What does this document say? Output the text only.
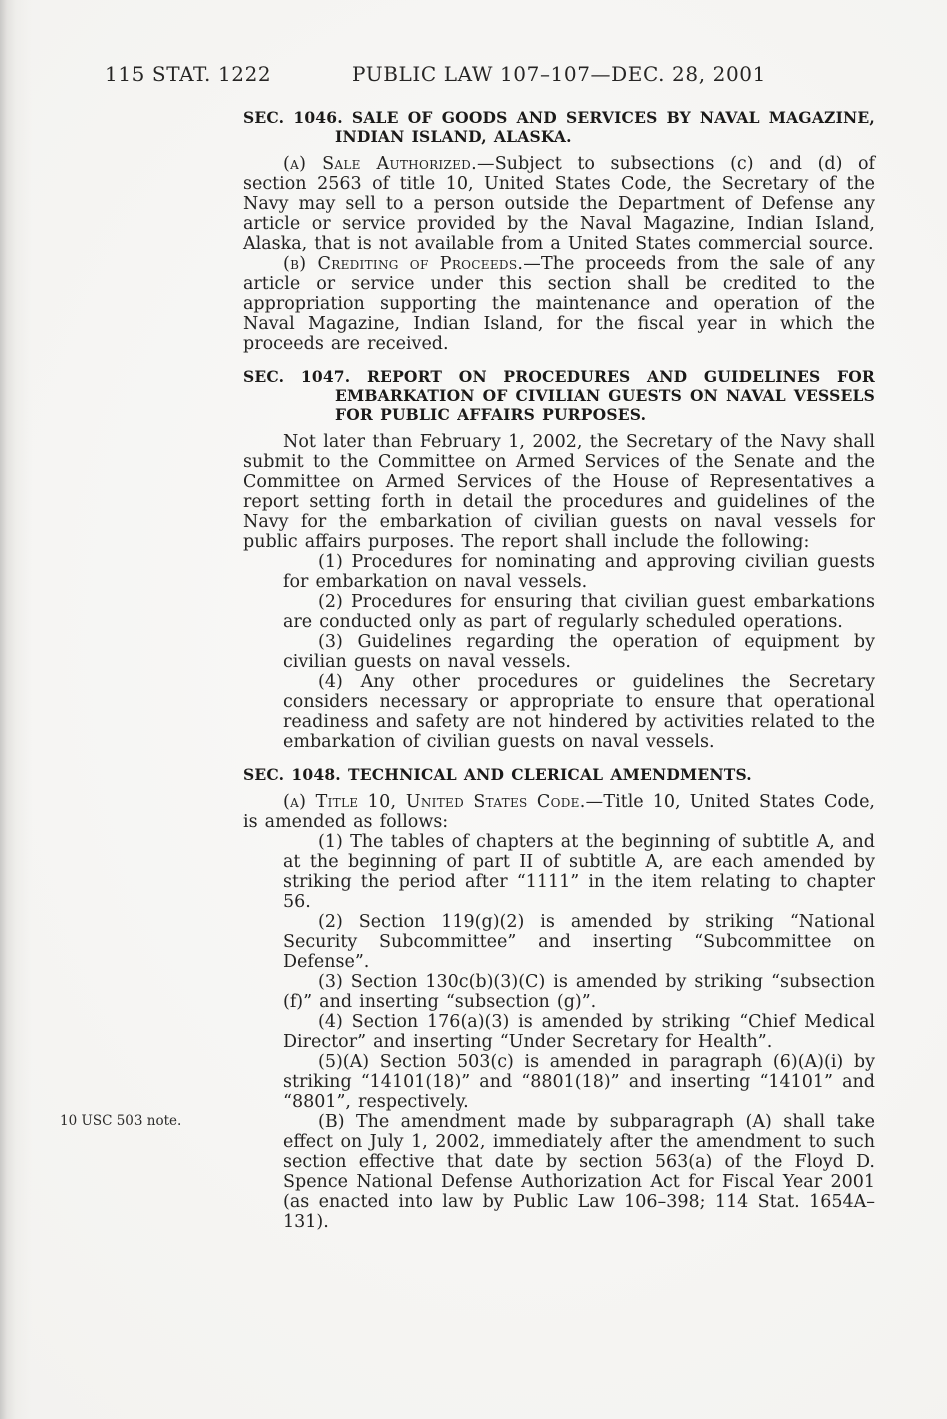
115 STAT. 1222	PUBLIC LAW 107–107—DEC. 28, 2001
SEC. 1046. SALE OF GOODS AND SERVICES BY NAVAL MAGAZINE, INDIAN ISLAND, ALASKA.

(a) Sale Authorized.—Subject to subsections (c) and (d) of section 2563 of title 10, United States Code, the Secretary of the Navy may sell to a person outside the Department of Defense any article or service provided by the Naval Magazine, Indian Island, Alaska, that is not available from a United States commercial source.

(b) Crediting of Proceeds.—The proceeds from the sale of any article or service under this section shall be credited to the appropriation supporting the maintenance and operation of the Naval Magazine, Indian Island, for the fiscal year in which the proceeds are received.

SEC. 1047. REPORT ON PROCEDURES AND GUIDELINES FOR EMBARKATION OF CIVILIAN GUESTS ON NAVAL VESSELS FOR PUBLIC AFFAIRS PURPOSES.

Not later than February 1, 2002, the Secretary of the Navy shall submit to the Committee on Armed Services of the Senate and the Committee on Armed Services of the House of Representatives a report setting forth in detail the procedures and guidelines of the Navy for the embarkation of civilian guests on naval vessels for public affairs purposes. The report shall include the following:

(1) Procedures for nominating and approving civilian guests for embarkation on naval vessels.

(2) Procedures for ensuring that civilian guest embarkations are conducted only as part of regularly scheduled operations.

(3) Guidelines regarding the operation of equipment by civilian guests on naval vessels.

(4) Any other procedures or guidelines the Secretary considers necessary or appropriate to ensure that operational readiness and safety are not hindered by activities related to the embarkation of civilian guests on naval vessels.

SEC. 1048. TECHNICAL AND CLERICAL AMENDMENTS.

(a) Title 10, United States Code.—Title 10, United States Code, is amended as follows:

(1) The tables of chapters at the beginning of subtitle A, and at the beginning of part II of subtitle A, are each amended by striking the period after “1111” in the item relating to chapter 56.

(2) Section 119(g)(2) is amended by striking “National Security Subcommittee” and inserting “Subcommittee on Defense”.

(3) Section 130c(b)(3)(C) is amended by striking “subsection (f)” and inserting “subsection (g)”.

(4) Section 176(a)(3) is amended by striking “Chief Medical Director” and inserting “Under Secretary for Health”.

(5)(A) Section 503(c) is amended in paragraph (6)(A)(i) by striking “14101(18)” and “8801(18)” and inserting “14101” and “8801”, respectively.

10 USC 503 note.	(B) The amendment made by subparagraph (A) shall take effect on July 1, 2002, immediately after the amendment to such section effective that date by section 563(a) of the Floyd D. Spence National Defense Authorization Act for Fiscal Year 2001 (as enacted into law by Public Law 106–398; 114 Stat. 1654A–131).
